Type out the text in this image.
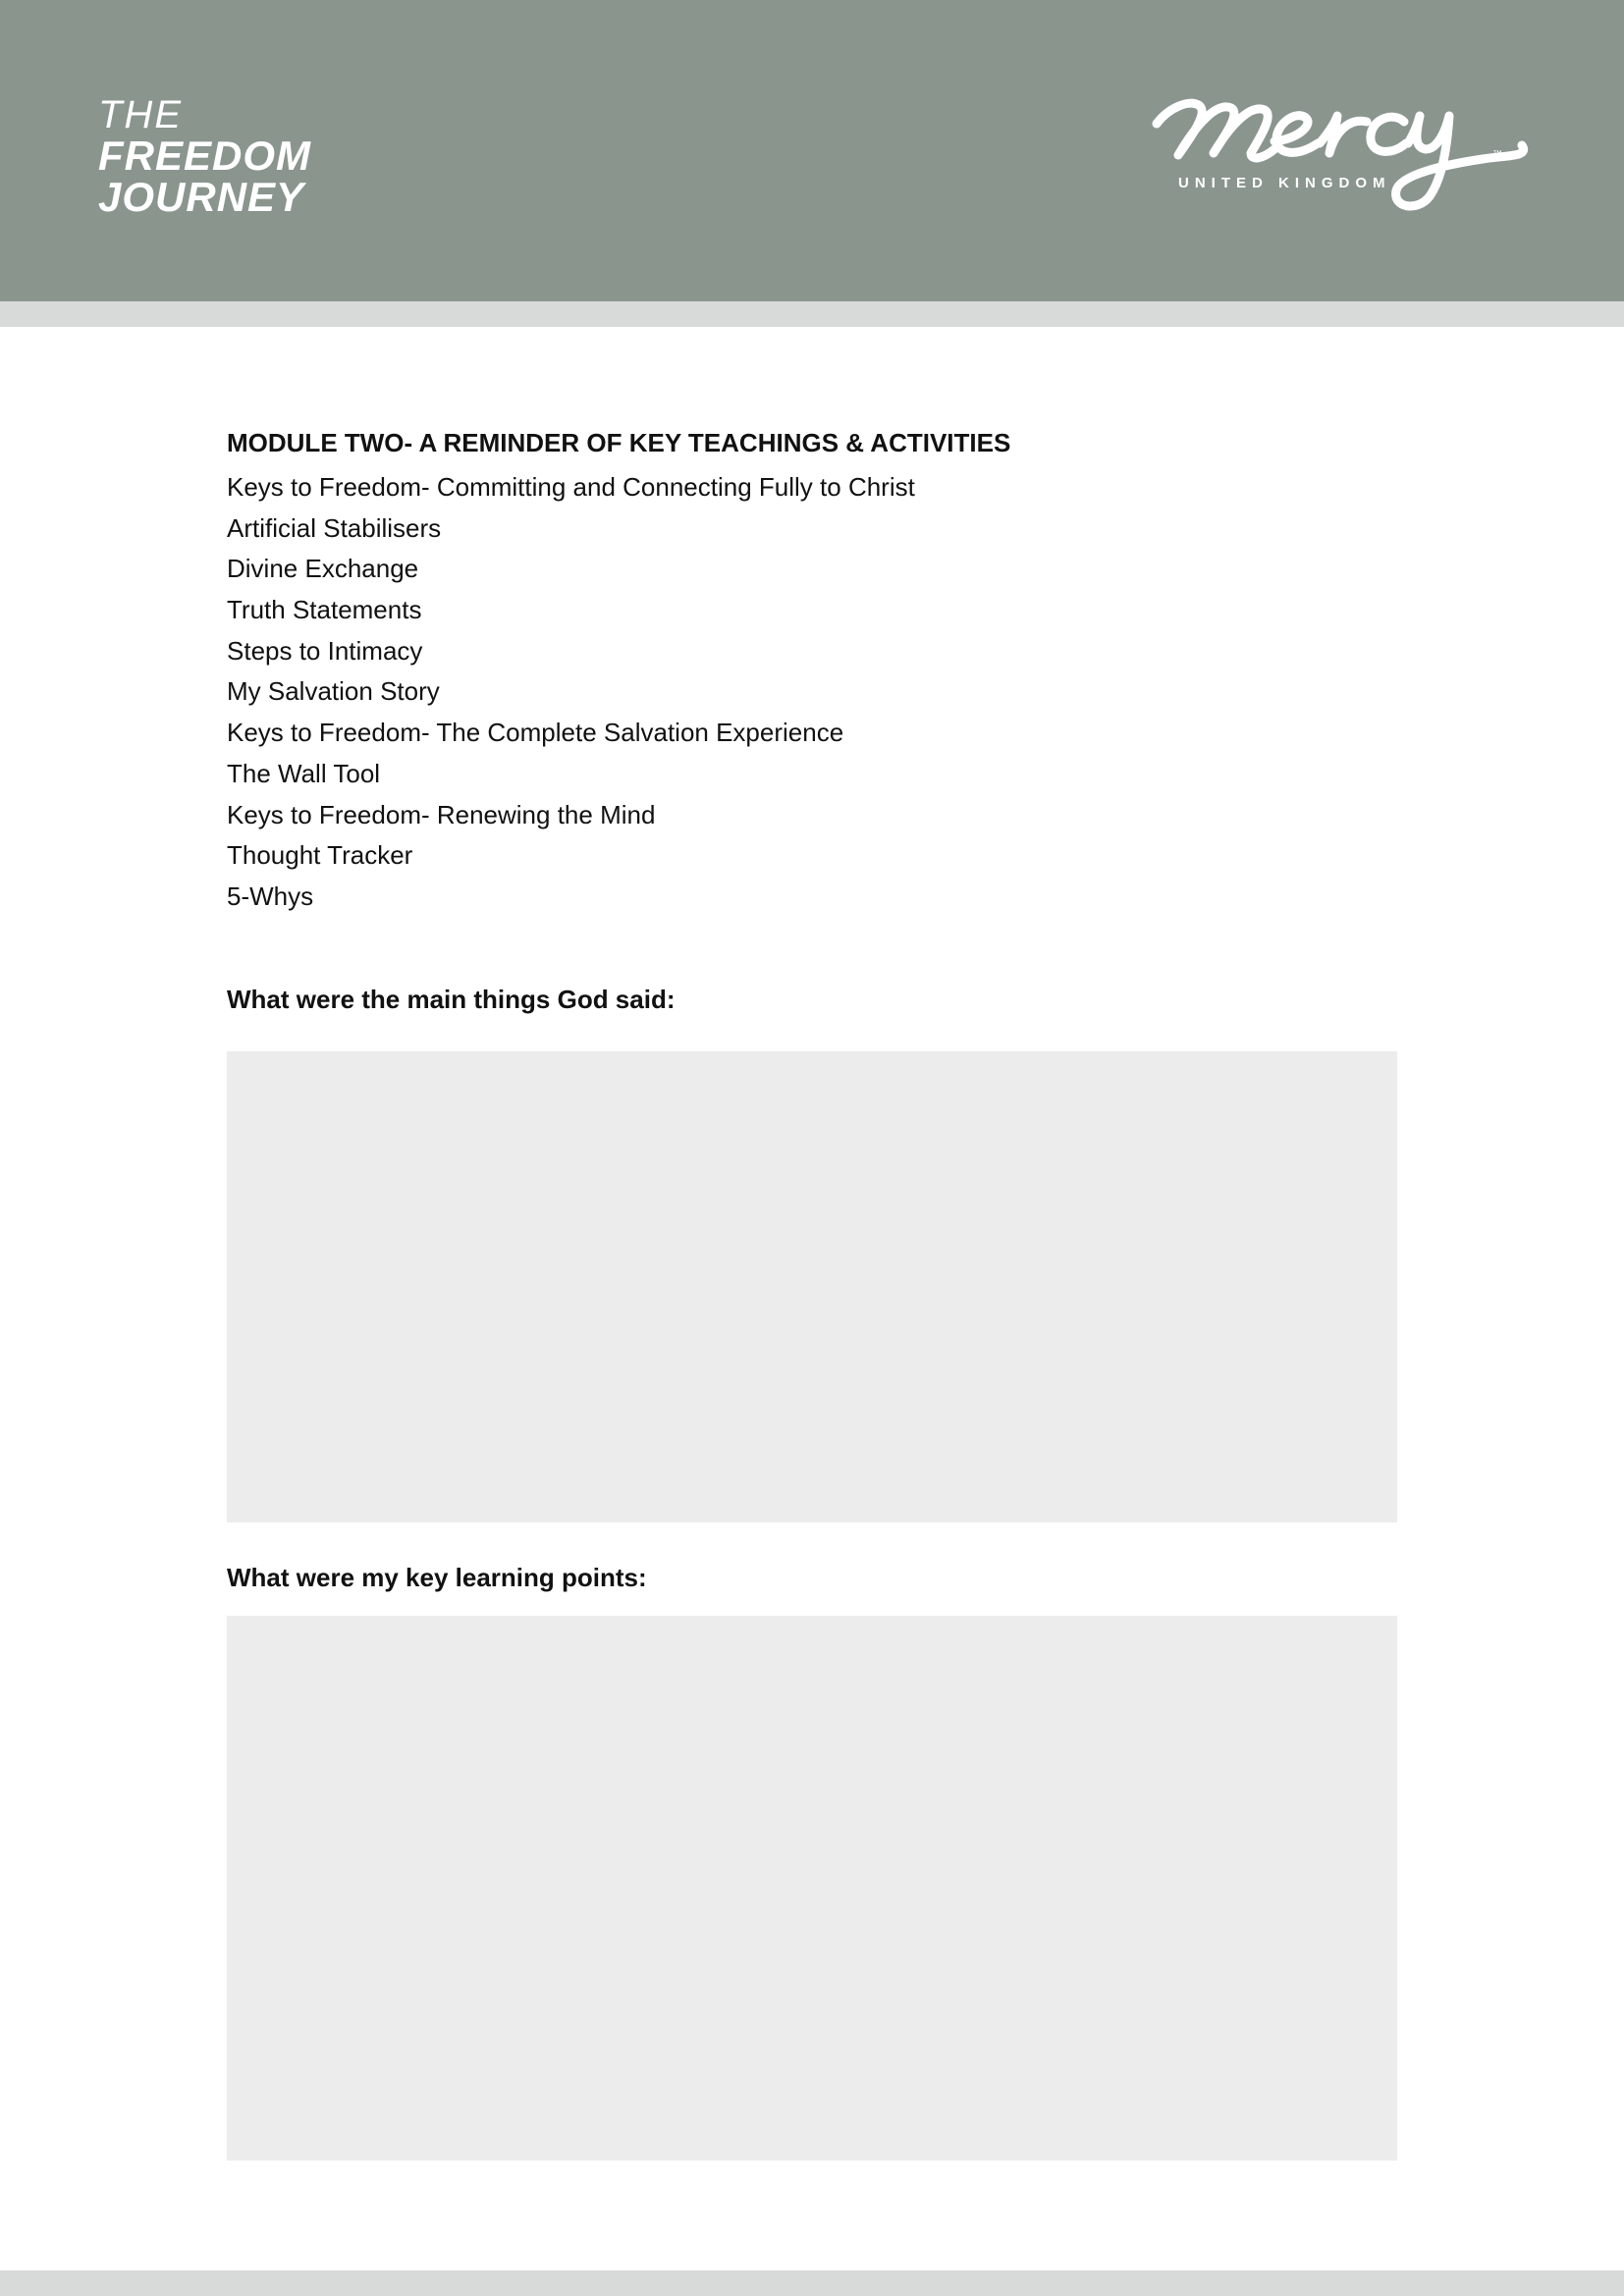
THE
FREEDOM
JOURNEY	UNITED KINGDOM
™
MODULE TWO- A REMINDER OF KEY TEACHINGS & ACTIVITIES
Keys to Freedom- Committing and Connecting Fully to Christ
Artificial Stabilisers
Divine Exchange
Truth Statements
Steps to Intimacy
My Salvation Story
Keys to Freedom- The Complete Salvation Experience
The Wall Tool
Keys to Freedom- Renewing the Mind
Thought Tracker
5-Whys
What were the main things God said:
What were my key learning points:
